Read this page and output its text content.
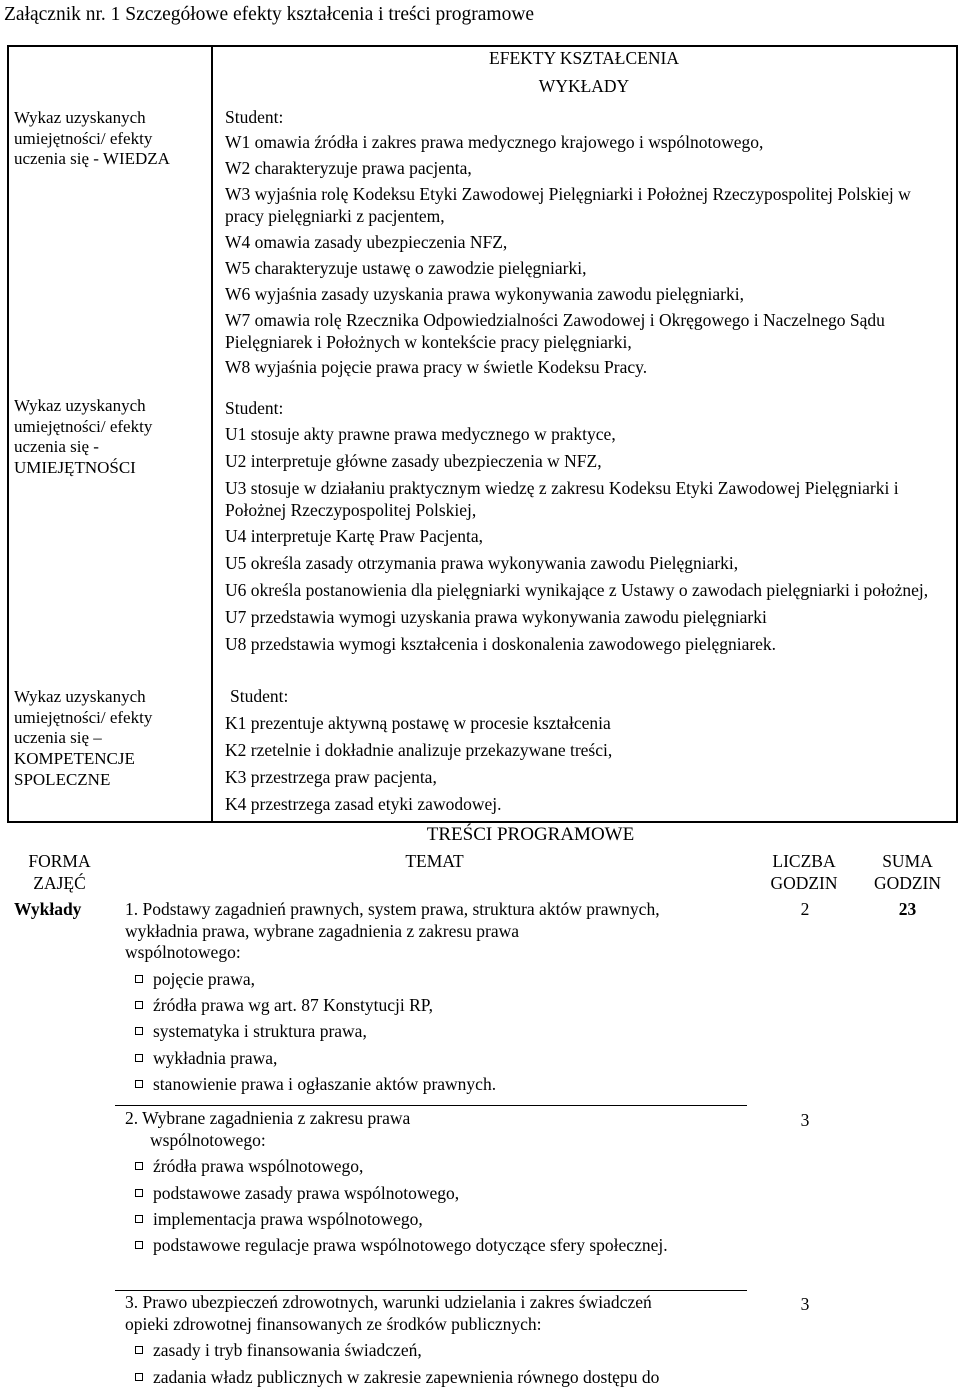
Załącznik nr. 1 Szczegółowe efekty kształcenia i treści programowe
EFEKTY KSZTAŁCENIA
WYKŁADY
Wykaz uzyskanych
umiejętności/ efekty
uczenia się - WIEDZA
Wykaz uzyskanych
umiejętności/ efekty
uczenia się -
UMIEJĘTNOŚCI
Wykaz uzyskanych
umiejętności/ efekty
uczenia się –
KOMPETENCJE
SPOLECZNE

Student:

W1 omawia źródła i zakres prawa medycznego krajowego i wspólnotowego,

W2 charakteryzuje prawa pacjenta,

W3 wyjaśnia rolę Kodeksu Etyki Zawodowej Pielęgniarki i Położnej Rzeczypospolitej Polskiej w pracy pielęgniarki z pacjentem,

W4 omawia zasady ubezpieczenia NFZ,

W5 charakteryzuje ustawę o zawodzie pielęgniarki,

W6 wyjaśnia zasady uzyskania prawa wykonywania zawodu pielęgniarki,

W7 omawia rolę Rzecznika Odpowiedzialności Zawodowej i Okręgowego i Naczelnego Sądu Pielęgniarek i Położnych w kontekście pracy pielęgniarki,

W8 wyjaśnia pojęcie prawa pracy w świetle Kodeksu Pracy.

Student:

U1 stosuje akty prawne prawa medycznego w praktyce,

U2 interpretuje główne zasady ubezpieczenia w NFZ,

U3 stosuje w działaniu praktycznym wiedzę z zakresu Kodeksu Etyki Zawodowej Pielęgniarki i Położnej Rzeczypospolitej Polskiej,

U4 interpretuje Kartę Praw Pacjenta,

U5 określa zasady otrzymania prawa wykonywania zawodu Pielęgniarki,

U6 określa postanowienia dla pielęgniarki wynikające z Ustawy o zawodach pielęgniarki i położnej,

U7 przedstawia wymogi uzyskania prawa wykonywania zawodu pielęgniarki

U8 przedstawia wymogi kształcenia i doskonalenia zawodowego pielęgniarek.

Student:

K1 prezentuje aktywną postawę w procesie kształcenia

K2 rzetelnie i dokładnie analizuje przekazywane treści,

K3 przestrzega praw pacjenta,

K4 przestrzega zasad etyki zawodowej.

TREŚCI PROGRAMOWE
FORMA
ZAJĘĆ
TEMAT	LICZBA
GODZIN
SUMA
GODZIN
Wykłady	23

1. Podstawy zagadnień prawnych, system prawa, struktura aktów prawnych,

wykładnia prawa, wybrane zagadnienia z zakresu prawa

wspólnotowego:

pojęcie prawa,
źródła prawa wg art. 87 Konstytucji RP,
systematyka i struktura prawa,
wykładnia prawa,
stanowienie prawa i ogłaszanie aktów prawnych.
2

2. Wybrane zagadnienia z zakresu prawa

wspólnotowego:

źródła prawa wspólnotowego,
podstawowe zasady prawa wspólnotowego,
implementacja prawa wspólnotowego,
podstawowe regulacje prawa wspólnotowego dotyczące sfery społecznej.
3

3. Prawo ubezpieczeń zdrowotnych, warunki udzielania i zakres świadczeń

opieki zdrowotnej finansowanych ze środków publicznych:

zasady i tryb finansowania świadczeń,
zadania władz publicznych w zakresie zapewnienia równego dostępu do
3
